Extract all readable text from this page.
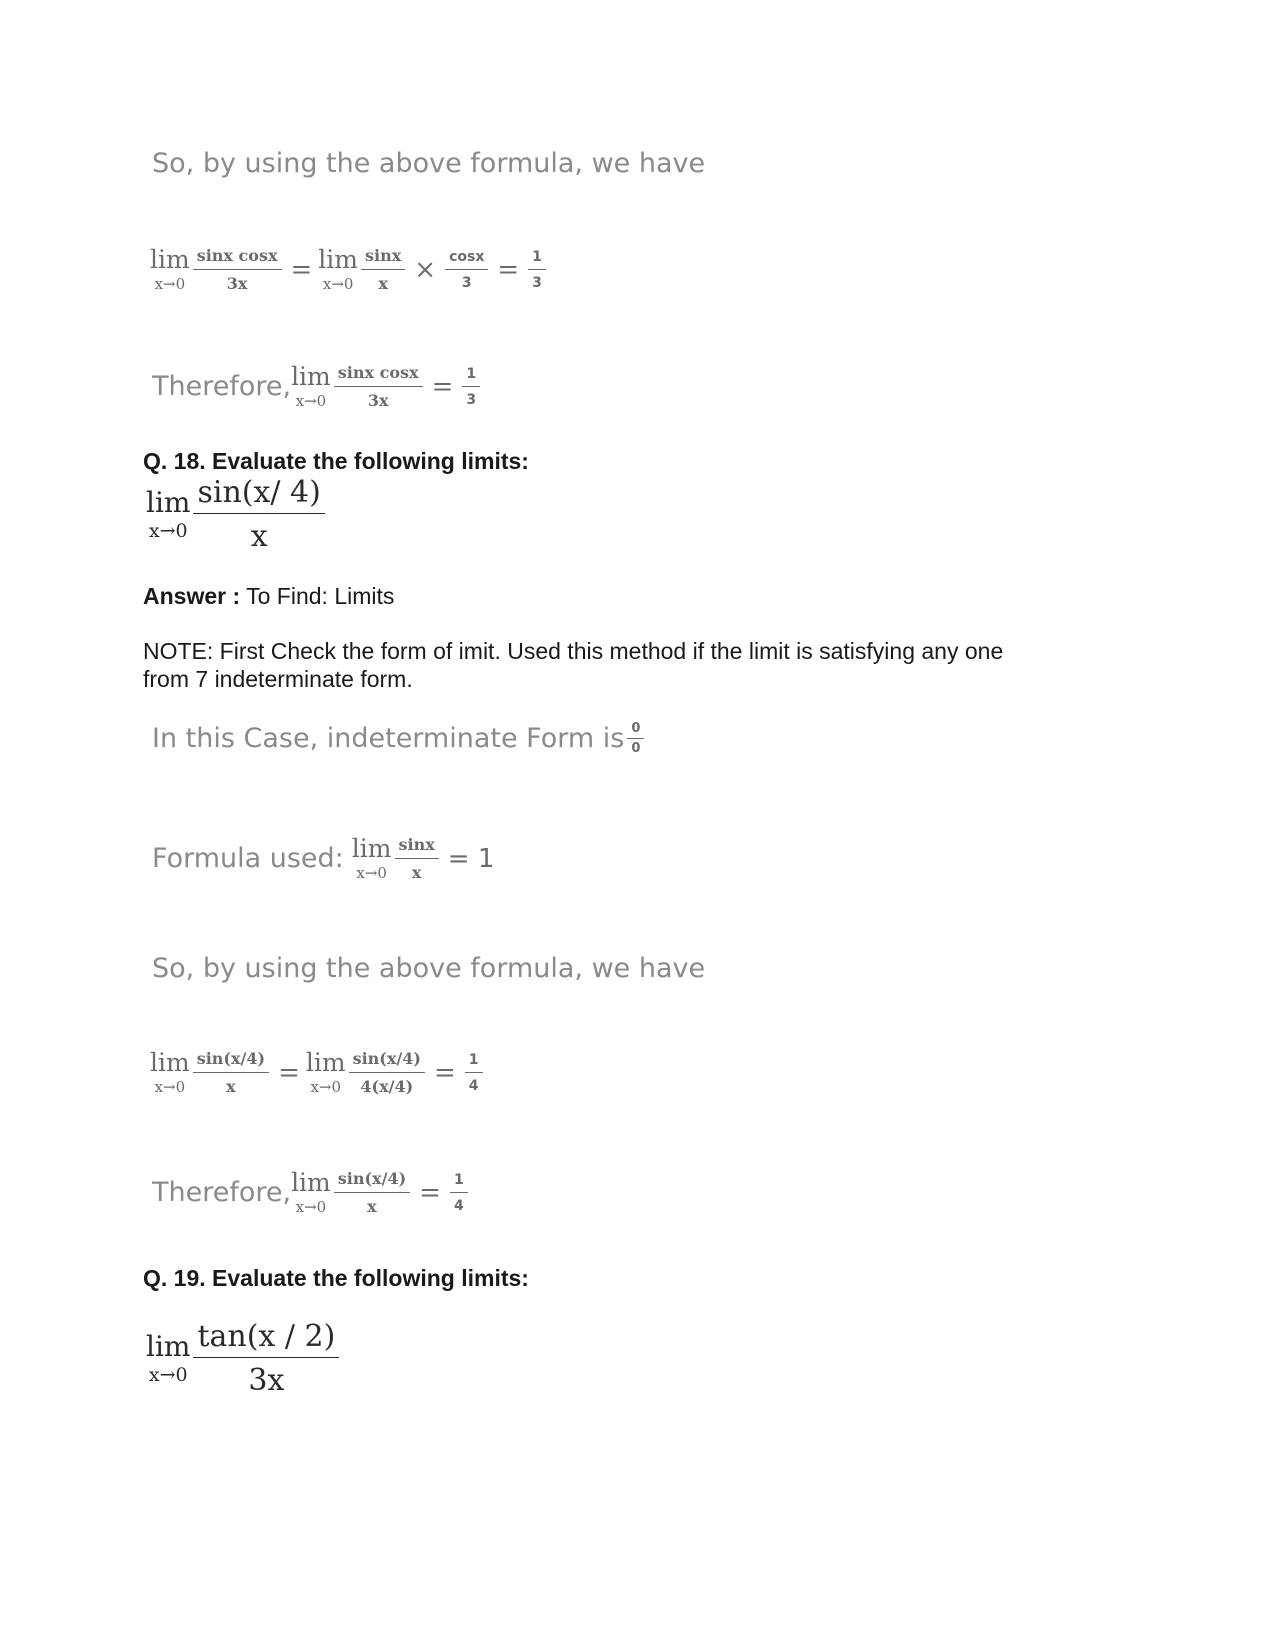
So, by using the above formula, we have
lim
$x\to 0 \frac{\text{sinx cosx}}{3x} = \lim$
$x\to 0 \frac{\sin x}{x} \times \frac{\cos x}{3} = \frac{1}{3}$
Therefore, lim
$x\to 0 \frac{\text{sinx cosx}}{3x} = \frac{1}{3}$
Q. 18. Evaluate the following limits:
lim
$x\to 0 \frac{\sin(x/ 4)}{x}$
Answer : To Find: Limits
NOTE: First Check the form of imit. Used this method if the limit is satisfying any one
from 7 indeterminate form.
In this Case, indeterminate Form is $\frac{0}{0}$
Formula used: lim
$x\to 0 \frac{\sin x}{x} = 1$
So, by using the above formula, we have
lim
$x\to 0 \frac{\sin(x/4)}{x} = \lim$
$x\to 0 \frac{\sin(x/4)}{4(x/4)} = \frac{1}{4}$
Therefore, lim
$x\to 0 \frac{\sin(x/4)}{x} = \frac{1}{4}$
Q. 19. Evaluate the following limits:
lim
$x\to 0 \frac{\tan(x / 2)}{3x}$
